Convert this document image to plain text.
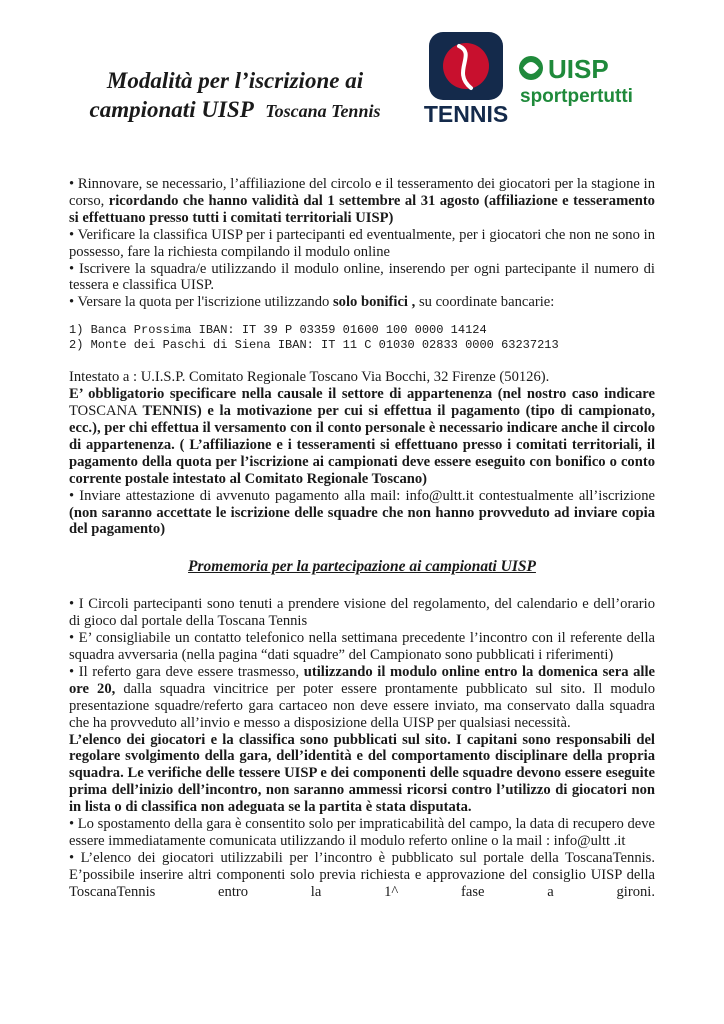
Modalità per l’iscrizione ai
campionati UISP Toscana Tennis	TENNIS
UISP
sportpertutti

• Rinnovare, se necessario, l’affiliazione del circolo e il tesseramento dei giocatori per la stagione in corso, ricordando che hanno validità dal 1 settembre al 31 agosto (affiliazione e tesseramento si effettuano presso tutti i comitati territoriali UISP)

• Verificare la classifica UISP per i partecipanti ed eventualmente, per i giocatori che non ne sono in possesso, fare la richiesta compilando il modulo online

• Iscrivere la squadra/e utilizzando il modulo online, inserendo per ogni partecipante il numero di tessera e classifica UISP.

• Versare la quota per l'iscrizione utilizzando solo bonifici , su coordinate bancarie:

1) Banca Prossima IBAN: IT 39 P 03359 01600 100 0000 14124

2) Monte dei Paschi di Siena IBAN: IT 11 C 01030 02833 0000 63237213

Intestato a : U.I.S.P. Comitato Regionale Toscano Via Bocchi, 32 Firenze (50126).

E’ obbligatorio specificare nella causale il settore di appartenenza (nel nostro caso indicare TOSCANA TENNIS) e la motivazione per cui si effettua il pagamento (tipo di campionato, ecc.), per chi effettua il versamento con il conto personale è necessario indicare anche il circolo di appartenenza. ( L’affiliazione e i tesseramenti si effettuano presso i comitati territoriali, il pagamento della quota per l’iscrizione ai campionati deve essere eseguito con bonifico o conto corrente postale intestato al Comitato Regionale Toscano)

• Inviare attestazione di avvenuto pagamento alla mail: info@ultt.it contestualmente all’iscrizione (non saranno accettate le iscrizione delle squadre che non hanno provveduto ad inviare copia del pagamento)

Promemoria per la partecipazione ai campionati UISP

• I Circoli partecipanti sono tenuti a prendere visione del regolamento, del calendario e dell’orario di gioco dal portale della Toscana Tennis

• E’ consigliabile un contatto telefonico nella settimana precedente l’incontro con il referente della squadra avversaria (nella pagina “dati squadre” del Campionato sono pubblicati i riferimenti)

• Il referto gara deve essere trasmesso, utilizzando il modulo online entro la domenica sera alle ore 20, dalla squadra vincitrice per poter essere prontamente pubblicato sul sito. Il modulo presentazione squadre/referto gara cartaceo non deve essere inviato, ma conservato dalla squadra che ha provveduto all’invio e messo a disposizione della UISP per qualsiasi necessità.

L’elenco dei giocatori e la classifica sono pubblicati sul sito. I capitani sono responsabili del regolare svolgimento della gara, dell’identità e del comportamento disciplinare della propria squadra. Le verifiche delle tessere UISP e dei componenti delle squadre devono essere eseguite prima dell’inizio dell’incontro, non saranno ammessi ricorsi contro l’utilizzo di giocatori non in lista o di classifica non adeguata se la partita è stata disputata.

• Lo spostamento della gara è consentito solo per impraticabilità del campo, la data di recupero deve essere immediatamente comunicata utilizzando il modulo referto online o la mail : info@ultt .it

• L’elenco dei giocatori utilizzabili per l’incontro è pubblicato sul portale della ToscanaTennis. E’possibile inserire altri componenti solo previa richiesta e approvazione del consiglio UISP della ToscanaTennis entro la 1^ fase a gironi.
